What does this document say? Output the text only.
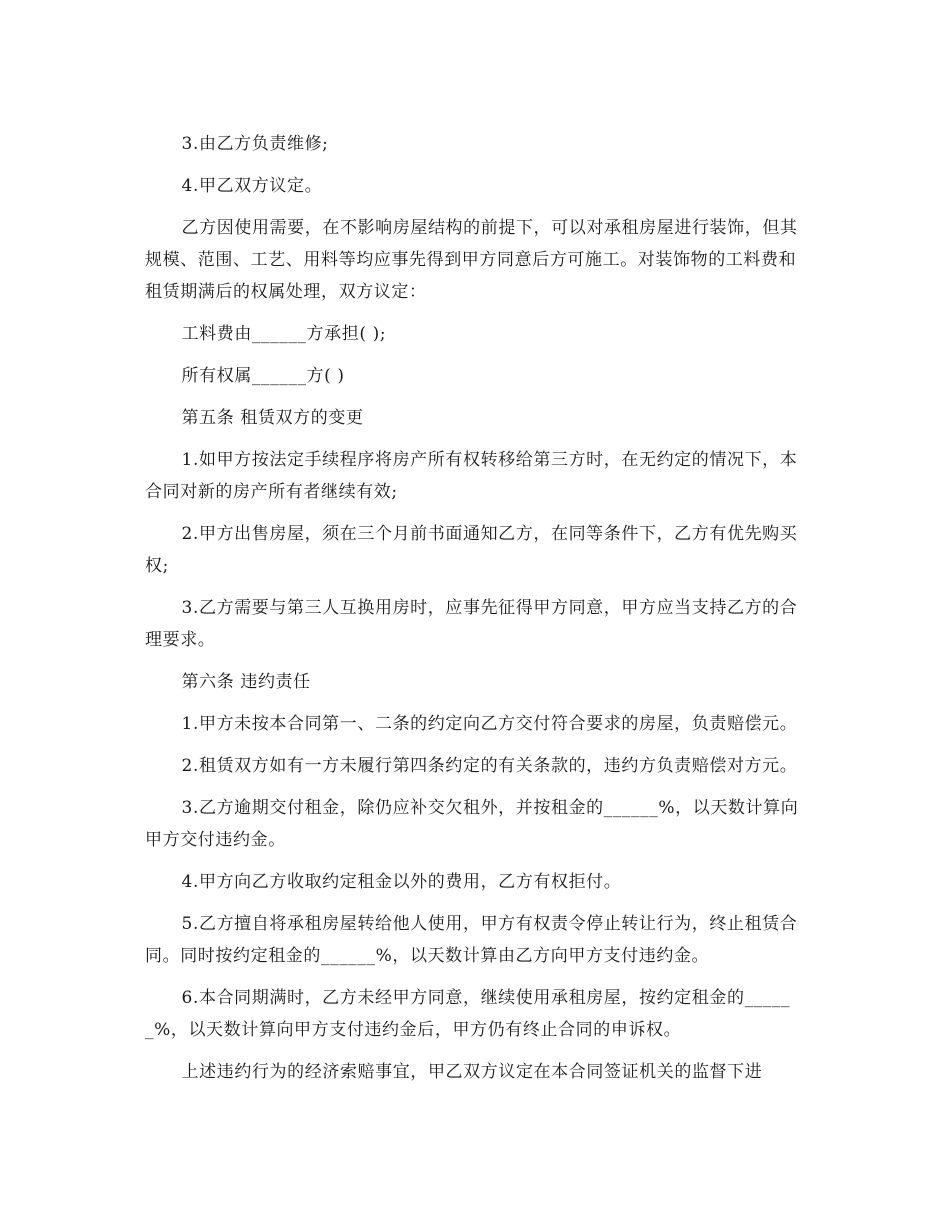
3.由乙方负责维修;

4.甲乙双方议定。

乙方因使用需要，在不影响房屋结构的前提下，可以对承租房屋进行装饰，但其规模、范围、工艺、用料等均应事先得到甲方同意后方可施工。对装饰物的工料费和租赁期满后的权属处理，双方议定：

工料费由______方承担( );

所有权属______方( )

第五条 租赁双方的变更

1.如甲方按法定手续程序将房产所有权转移给第三方时，在无约定的情况下，本合同对新的房产所有者继续有效;

2.甲方出售房屋，须在三个月前书面通知乙方，在同等条件下，乙方有优先购买权;

3.乙方需要与第三人互换用房时，应事先征得甲方同意，甲方应当支持乙方的合理要求。

第六条 违约责任

1.甲方未按本合同第一、二条的约定向乙方交付符合要求的房屋，负责赔偿元。

2.租赁双方如有一方未履行第四条约定的有关条款的，违约方负责赔偿对方元。

3.乙方逾期交付租金，除仍应补交欠租外，并按租金的______%，以天数计算向甲方交付违约金。

4.甲方向乙方收取约定租金以外的费用，乙方有权拒付。

5.乙方擅自将承租房屋转给他人使用，甲方有权责令停止转让行为，终止租赁合同。同时按约定租金的______%，以天数计算由乙方向甲方支付违约金。

6.本合同期满时，乙方未经甲方同意，继续使用承租房屋，按约定租金的______%，以天数计算向甲方支付违约金后，甲方仍有终止合同的申诉权。

上述违约行为的经济索赔事宜，甲乙双方议定在本合同签证机关的监督下进
